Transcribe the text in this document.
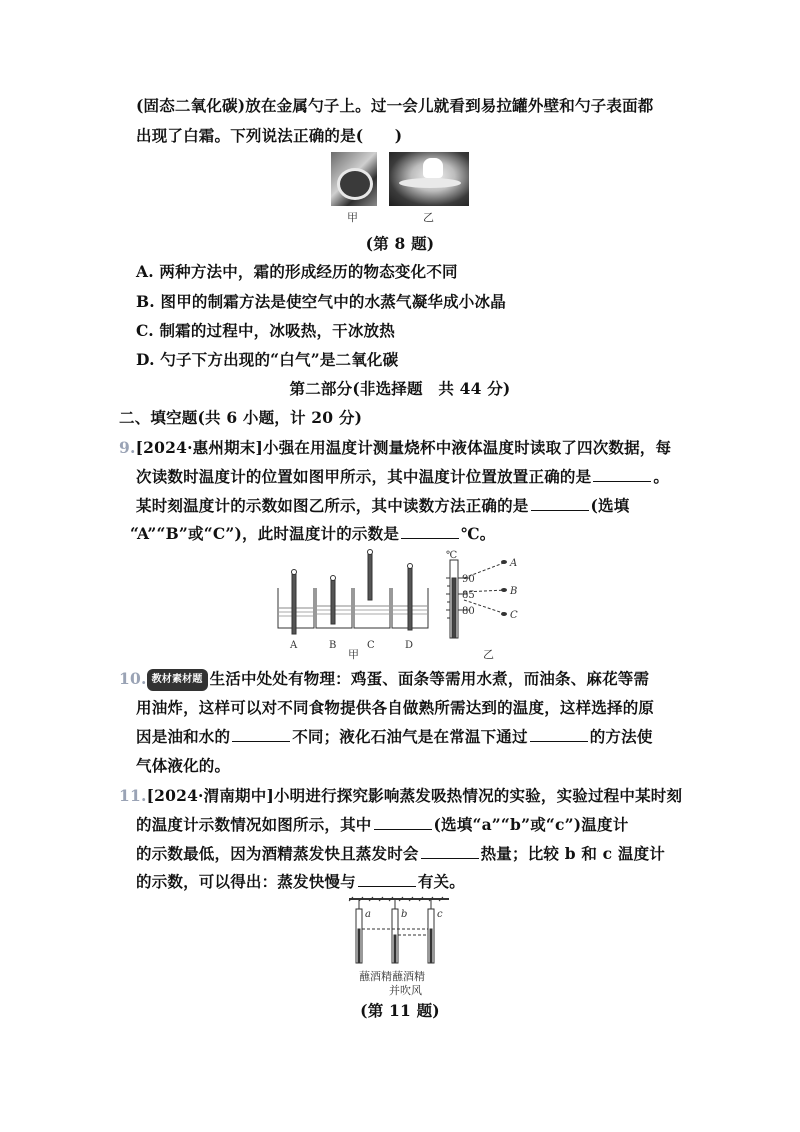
(固态二氧化碳)放在金属勺子上。过一会儿就看到易拉罐外壁和勺子表面都
出现了白霜。下列说法正确的是(　　)
甲	乙
(第 8 题)
A. 两种方法中，霜的形成经历的物态变化不同
B. 图甲的制霜方法是使空气中的水蒸气凝华成小冰晶
C. 制霜的过程中，冰吸热，干冰放热
D. 勺子下方出现的“白气”是二氧化碳
第二部分(非选择题　共 44 分)
二、填空题(共 6 小题，计 20 分)
9.[2024·惠州期末]小强在用温度计测量烧杯中液体温度时读取了四次数据，每
次读数时温度计的位置如图甲所示，其中温度计位置放置正确的是	。
某时刻温度计的示数如图乙所示，其中读数方法正确的是	(选填
“A”“B”或“C”)，此时温度计的示数是	℃。
A	B	C	D
℃
90
85
80
A
B
C
甲	乙
10. 教材素材题 生活中处处有物理：鸡蛋、面条等需用水煮，而油条、麻花等需
用油炸，这样可以对不同食物提供各自做熟所需达到的温度，这样选择的原
因是油和水的	不同；液化石油气是在常温下通过	的方法使
气体液化的。
11.[2024·渭南期中]小明进行探究影响蒸发吸热情况的实验，实验过程中某时刻
的温度计示数情况如图所示，其中	(选填“a”“b”或“c”)温度计
的示数最低，因为酒精蒸发快且蒸发时会	热量；比较 b 和 c 温度计
的示数，可以得出：蒸发快慢与	有关。
a	b	c
蘸酒精蘸酒精
并吹风
(第 11 题)
